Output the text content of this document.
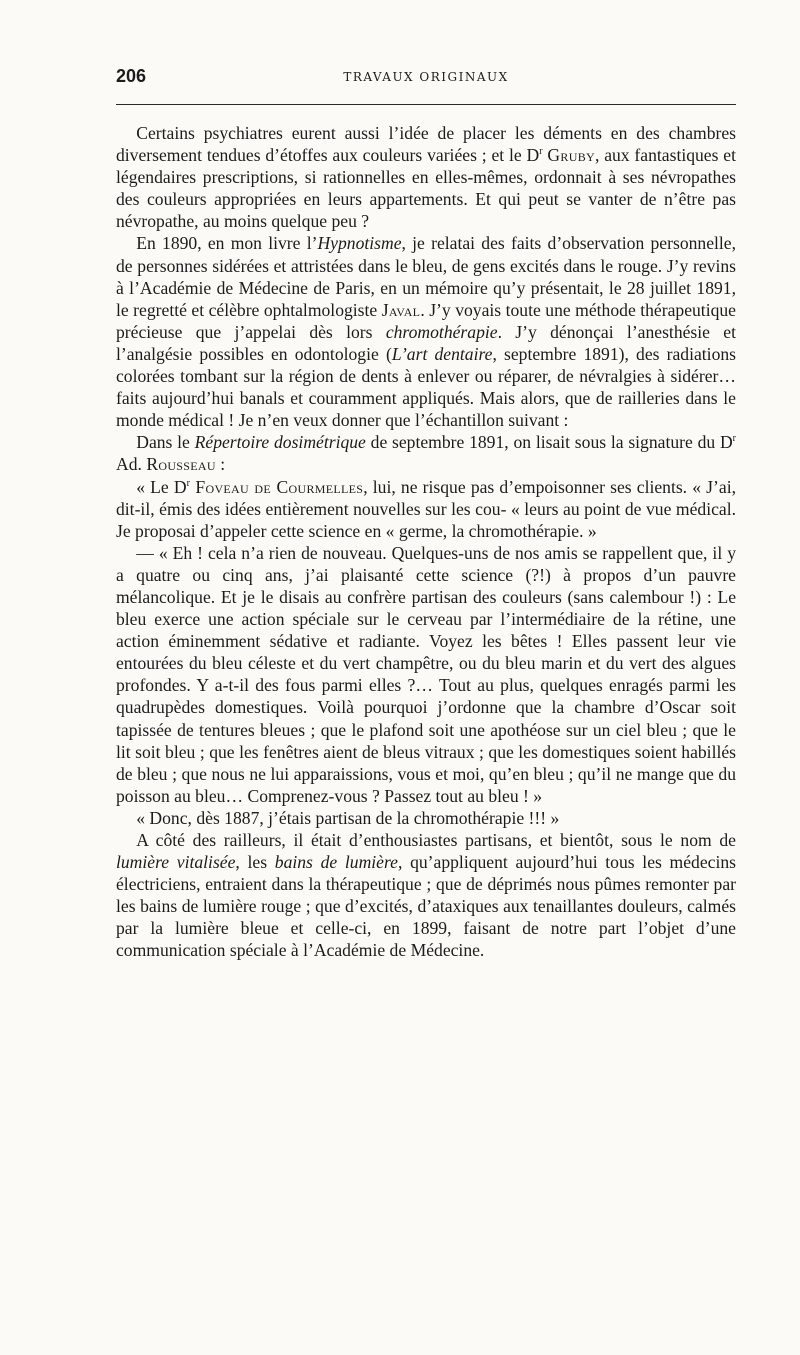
206	TRAVAUX ORIGINAUX

Certains psychiatres eurent aussi l’idée de placer les déments en des chambres diversement tendues d’étoffes aux couleurs variées ; et le $D^r$ Gruby, aux fantastiques et légendaires prescriptions, si rationnelles en elles-mêmes, ordonnait à ses névropathes des couleurs appropriées en leurs appartements. Et qui peut se vanter de n’être pas névropathe, au moins quelque peu ?

En 1890, en mon livre l’Hypnotisme, je relatai des faits d’observation personnelle, de personnes sidérées et attristées dans le bleu, de gens excités dans le rouge. J’y revins à l’Académie de Médecine de Paris, en un mémoire qu’y présentait, le 28 juillet 1891, le regretté et célèbre ophtalmologiste Javal. J’y voyais toute une méthode thérapeutique précieuse que j’appelai dès lors chromothérapie. J’y dénonçai l’anesthésie et l’analgésie possibles en odontologie (L’art dentaire, septembre 1891), des radiations colorées tombant sur la région de dents à enlever ou réparer, de névralgies à sidérer… faits aujourd’hui banals et couramment appliqués. Mais alors, que de railleries dans le monde médical ! Je n’en veux donner que l’échantillon suivant :

Dans le Répertoire dosimétrique de septembre 1891, on lisait sous la signature du $D^r$ Ad. Rousseau :

« Le $D^r$ Foveau de Courmelles, lui, ne risque pas d’empoisonner ses clients. « J’ai, dit-il, émis des idées entièrement nouvelles sur les cou- « leurs au point de vue médical. Je proposai d’appeler cette science en « germe, la chromothérapie. »

— « Eh ! cela n’a rien de nouveau. Quelques-uns de nos amis se rappellent que, il y a quatre ou cinq ans, j’ai plaisanté cette science (?!) à propos d’un pauvre mélancolique. Et je le disais au confrère partisan des couleurs (sans calembour !) : Le bleu exerce une action spéciale sur le cerveau par l’intermédiaire de la rétine, une action éminemment sédative et radiante. Voyez les bêtes ! Elles passent leur vie entourées du bleu céleste et du vert champêtre, ou du bleu marin et du vert des algues profondes. Y a-t-il des fous parmi elles ?… Tout au plus, quelques enragés parmi les quadrupèdes domestiques. Voilà pourquoi j’ordonne que la chambre d’Oscar soit tapissée de tentures bleues ; que le plafond soit une apothéose sur un ciel bleu ; que le lit soit bleu ; que les fenêtres aient de bleus vitraux ; que les domestiques soient habillés de bleu ; que nous ne lui apparaissions, vous et moi, qu’en bleu ; qu’il ne mange que du poisson au bleu… Comprenez-vous ? Passez tout au bleu ! »

« Donc, dès 1887, j’étais partisan de la chromothérapie !!! »

A côté des railleurs, il était d’enthousiastes partisans, et bientôt, sous le nom de lumière vitalisée, les bains de lumière, qu’appliquent aujourd’hui tous les médecins électriciens, entraient dans la thérapeutique ; que de déprimés nous pûmes remonter par les bains de lumière rouge ; que d’excités, d’ataxiques aux tenaillantes douleurs, calmés par la lumière bleue et celle-ci, en 1899, faisant de notre part l’objet d’une communication spéciale à l’Académie de Médecine.
